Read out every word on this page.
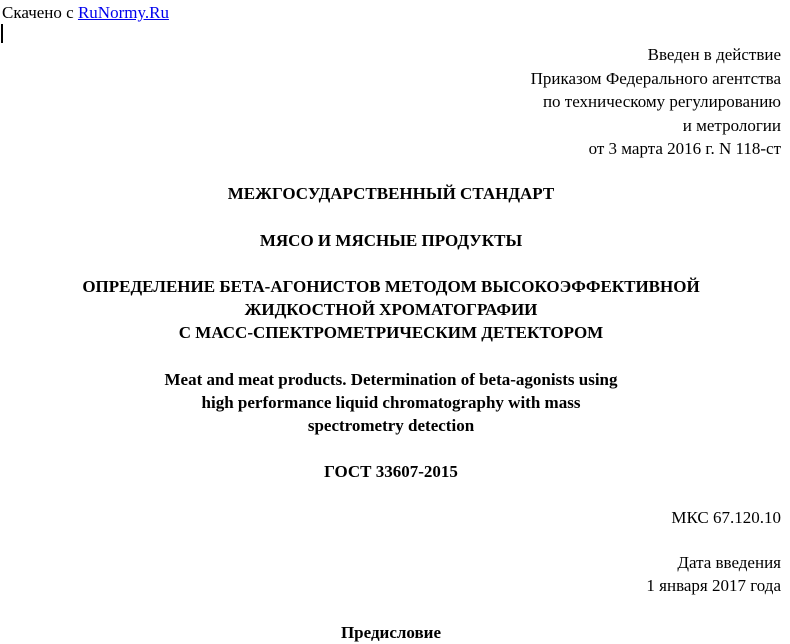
Скачено с RuNormy.Ru
Введен в действие
Приказом Федерального агентства
по техническому регулированию
и метрологии
от 3 марта 2016 г. N 118-ст
МЕЖГОСУДАРСТВЕННЫЙ СТАНДАРТ
МЯСО И МЯСНЫЕ ПРОДУКТЫ
ОПРЕДЕЛЕНИЕ БЕТА-АГОНИСТОВ МЕТОДОМ ВЫСОКОЭФФЕКТИВНОЙ
ЖИДКОСТНОЙ ХРОМАТОГРАФИИ
С МАСС-СПЕКТРОМЕТРИЧЕСКИМ ДЕТЕКТОРОМ
Meat and meat products. Determination of beta-agonists using
high performance liquid chromatography with mass
spectrometry detection
ГОСТ 33607-2015
МКС 67.120.10
Дата введения
1 января 2017 года
Предисловие
